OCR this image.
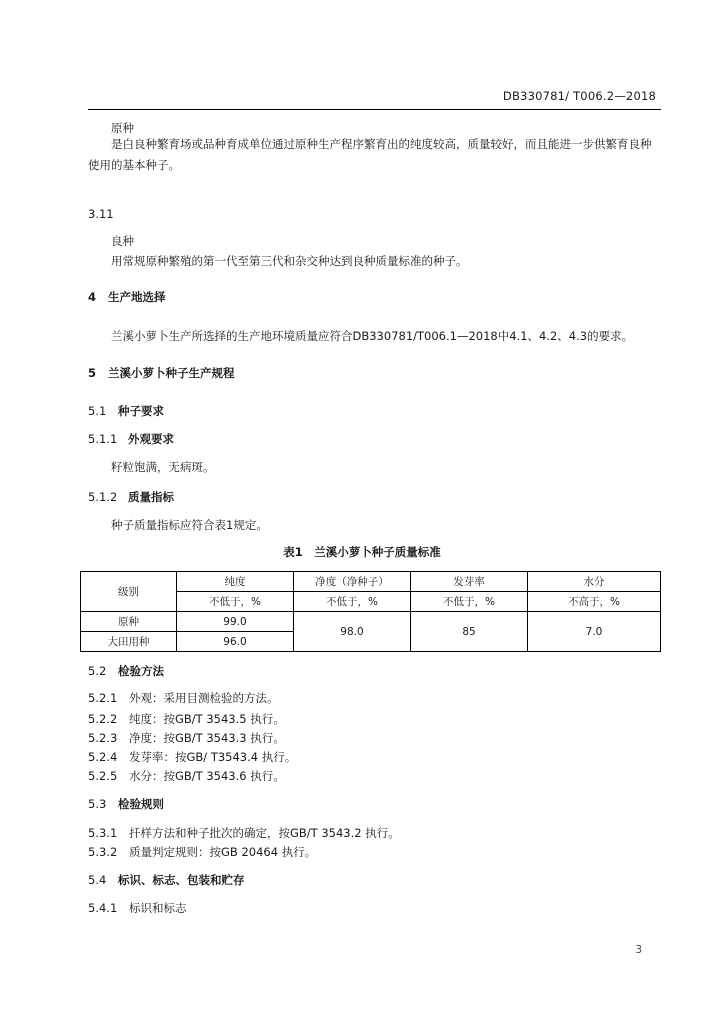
DB330781/ T006.2—2018
原种
是白良种繁育场或品种育成单位通过原种生产程序繁育出的纯度较高，质量较好，而且能进一步供繁育良种使用的基本种子。
3.11
良种
用常规原种繁殖的第一代至第三代和杂交种达到良种质量标准的种子。
4 生产地选择
兰溪小萝卜生产所选择的生产地环境质量应符合DB330781/T006.1—2018中4.1、4.2、4.3的要求。
5 兰溪小萝卜种子生产规程
5.1 种子要求
5.1.1 外观要求
籽粒饱满，无病斑。
5.1.2 质量指标
种子质量指标应符合表1规定。
表1　兰溪小萝卜种子质量标准
级别	纯度	净度（净种子）	发芽率	水分
	不低于，%	不低于，%	不低于，%	不高于，%
原种	99.0	98.0	85	7.0
大田用种	96.0			
5.2 检验方法
5.2.1 外观：采用目测检验的方法。
5.2.2 纯度：按GB/T 3543.5 执行。
5.2.3 净度：按GB/T 3543.3 执行。
5.2.4 发芽率：按GB/ T3543.4 执行。
5.2.5 水分：按GB/T 3543.6 执行。
5.3 检验规则
5.3.1 扦样方法和种子批次的确定，按GB/T 3543.2 执行。
5.3.2 质量判定规则：按GB 20464 执行。
5.4 标识、标志、包装和贮存
5.4.1 标识和标志
3
